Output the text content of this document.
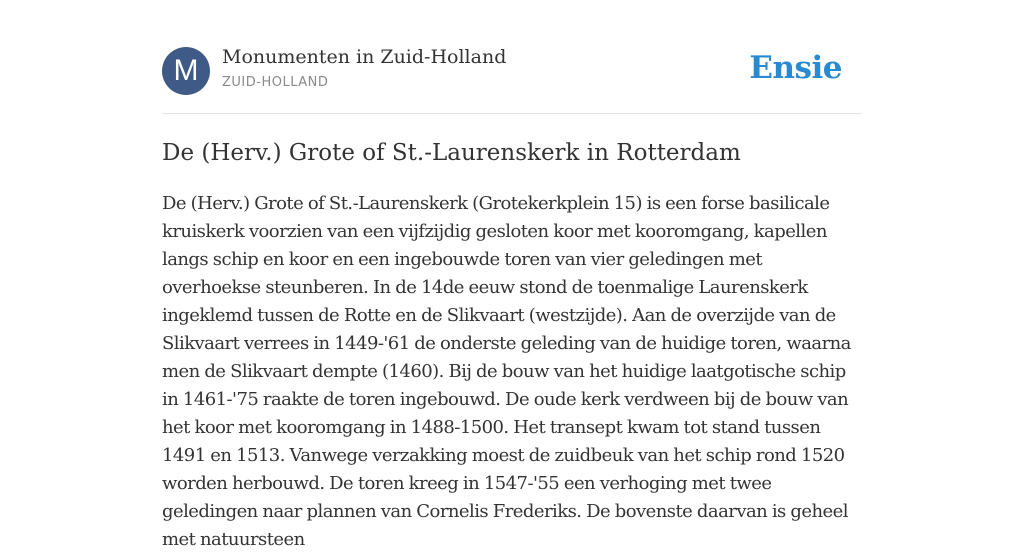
M	Monumenten in Zuid-Holland
ZUID-HOLLAND	Ensie
De (Herv.) Grote of St.-Laurenskerk in Rotterdam

De (Herv.) Grote of St.-Laurenskerk (Grotekerkplein 15) is een forse basilicale kruiskerk voorzien van een vijfzijdig gesloten koor met kooromgang, kapellen langs schip en koor en een ingebouwde toren van vier geledingen met overhoekse steunberen. In de 14de eeuw stond de toenmalige Laurenskerk ingeklemd tussen de Rotte en de Slikvaart (westzijde). Aan de overzijde van de Slikvaart verrees in 1449-'61 de onderste geleding van de huidige toren, waarna men de Slikvaart dempte (1460). Bij de bouw van het huidige laatgotische schip in 1461-'75 raakte de toren ingebouwd. De oude kerk verdween bij de bouw van het koor met kooromgang in 1488-1500. Het transept kwam tot stand tussen 1491 en 1513. Vanwege verzakking moest de zuidbeuk van het schip rond 1520 worden herbouwd. De toren kreeg in 1547-'55 een verhoging met twee geledingen naar plannen van Cornelis Frederiks. De bovenste daarvan is geheel met natuursteen
